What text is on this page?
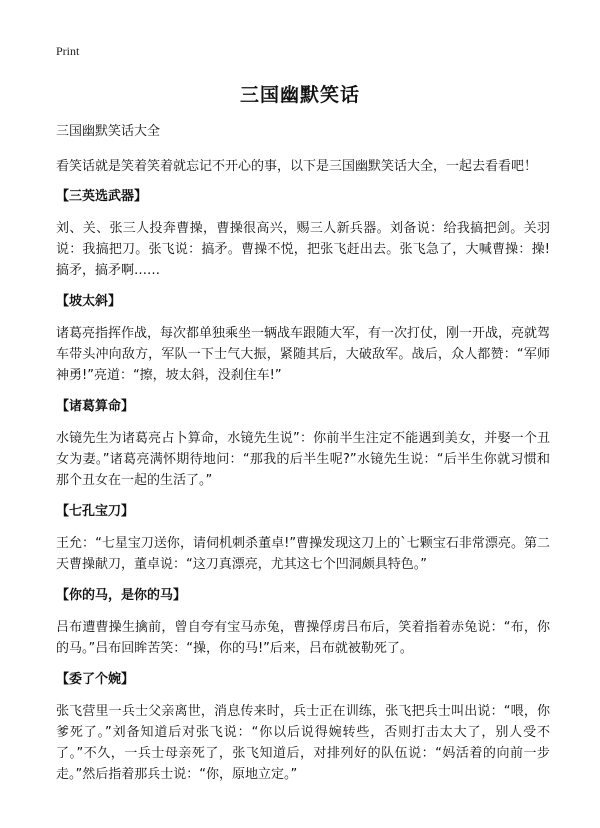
Print
三国幽默笑话
三国幽默笑话大全

看笑话就是笑着笑着就忘记不开心的事，以下是三国幽默笑话大全，一起去看看吧！

【三英选武器】

刘、关、张三人投奔曹操，曹操很高兴，赐三人新兵器。刘备说：给我搞把剑。关羽说：我搞把刀。张飞说：搞矛。曹操不悦，把张飞赶出去。张飞急了，大喊曹操：操!搞矛，搞矛啊……

【坡太斜】

诸葛亮指挥作战，每次都单独乘坐一辆战车跟随大军，有一次打仗，刚一开战，亮就驾车带头冲向敌方，军队一下士气大振，紧随其后，大破敌军。战后，众人都赞：“军师神勇!”亮道：“擦，坡太斜，没刹住车!”

【诸葛算命】

水镜先生为诸葛亮占卜算命，水镜先生说”：你前半生注定不能遇到美女，并娶一个丑女为妻。”诸葛亮满怀期待地问：“那我的后半生呢?”水镜先生说：“后半生你就习惯和那个丑女在一起的生活了。”

【七孔宝刀】

王允：“七星宝刀送你，请伺机刺杀董卓!”曹操发现这刀上的`七颗宝石非常漂亮。第二天曹操献刀，董卓说：“这刀真漂亮，尤其这七个凹洞颇具特色。”

【你的马，是你的马】

吕布遭曹操生擒前，曾自夸有宝马赤兔，曹操俘虏吕布后，笑着指着赤兔说：“布，你的马。”吕布回眸苦笑：“操，你的马!”后来，吕布就被勒死了。

【委了个婉】

张飞营里一兵士父亲离世，消息传来时，兵士正在训练，张飞把兵士叫出说：“喂，你爹死了。”刘备知道后对张飞说：“你以后说得婉转些，否则打击太大了，别人受不了。”不久，一兵士母亲死了，张飞知道后，对排列好的队伍说：“妈活着的向前一步走。”然后指着那兵士说：“你，原地立定。”
